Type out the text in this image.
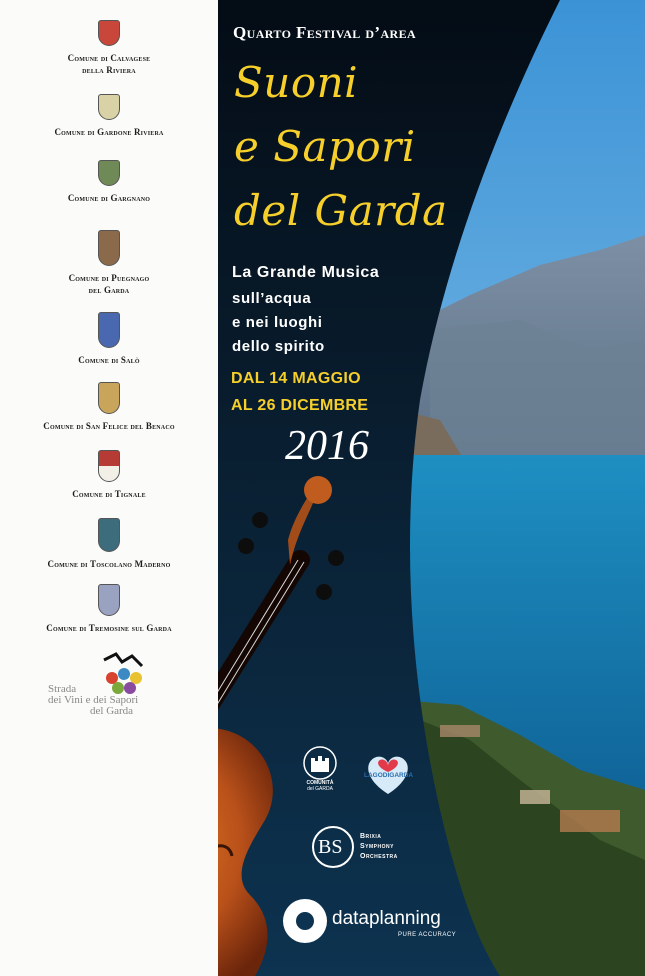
Comune di Calvagese
della Riviera
Comune di Gardone Riviera
Comune di Gargnano
Comune di Puegnago
del Garda
Comune di Salò
Comune di San Felice del Benaco
Comune di Tignale
Comune di Toscolano Maderno
Comune di Tremosine sul Garda
Strada
dei Vini e dei Sapori
del Garda
Quarto Festival d’area
Suoni
e Sapori
del Garda
La Grande Musica
sull’acqua
e nei luoghi
dello spirito
DAL 14 MAGGIO
AL 26 DICEMBRE
2016
COMUNITÀ
del GARDA
LAGODIGARDA
BS	Brixia
Symphony
Orchestra
dataplanning
PURE ACCURACY
